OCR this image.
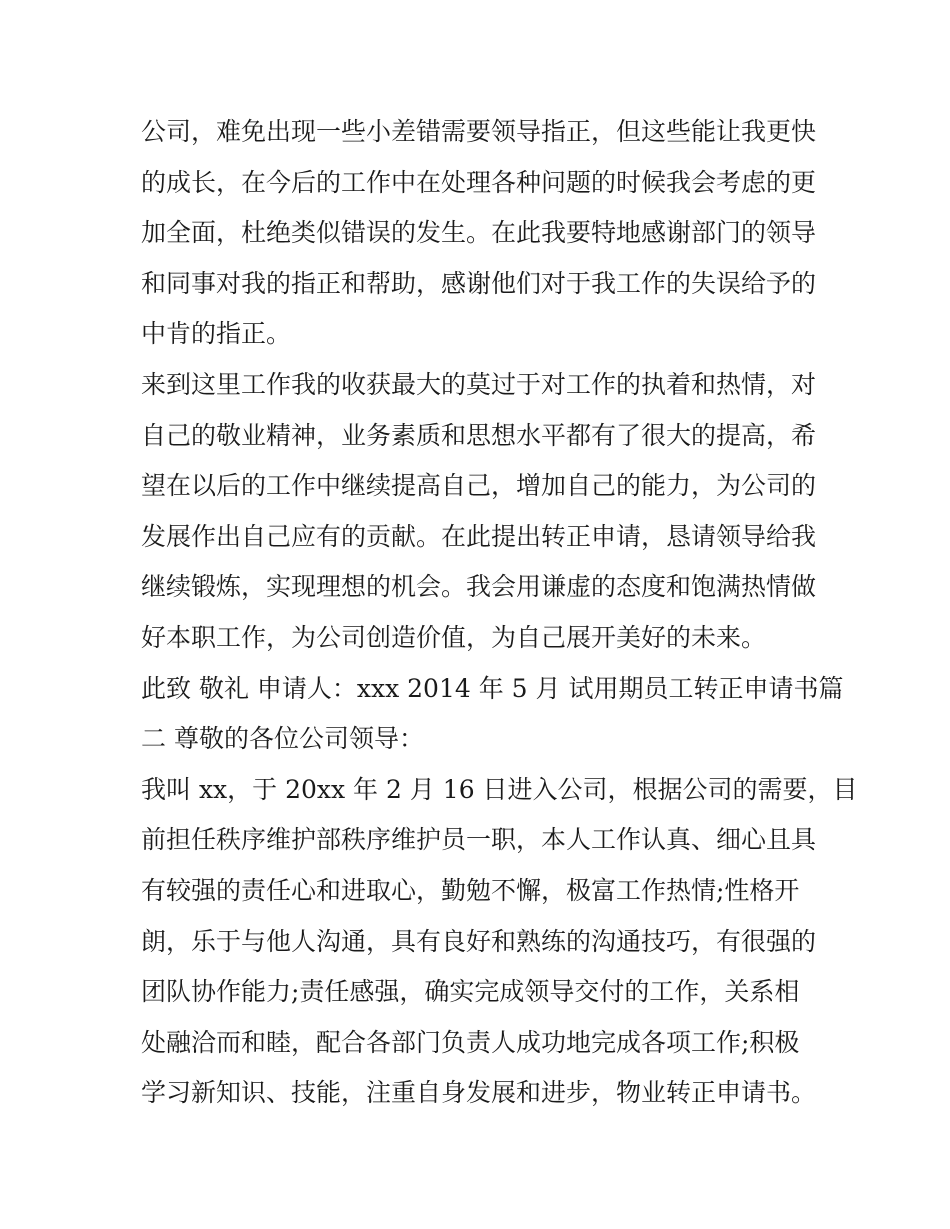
公司，难免出现一些小差错需要领导指正，但这些能让我更快
的成长，在今后的工作中在处理各种问题的时候我会考虑的更
加全面，杜绝类似错误的发生。在此我要特地感谢部门的领导
和同事对我的指正和帮助，感谢他们对于我工作的失误给予的
中肯的指正。
来到这里工作我的收获最大的莫过于对工作的执着和热情，对
自己的敬业精神，业务素质和思想水平都有了很大的提高，希
望在以后的工作中继续提高自己，增加自己的能力，为公司的
发展作出自己应有的贡献。在此提出转正申请，恳请领导给我
继续锻炼，实现理想的机会。我会用谦虚的态度和饱满热情做
好本职工作，为公司创造价值，为自己展开美好的未来。
此致 敬礼 申请人：xxx 2014 年 5 月 试用期员工转正申请书篇
二 尊敬的各位公司领导：
我叫 xx，于 20xx 年 2 月 16 日进入公司，根据公司的需要，目
前担任秩序维护部秩序维护员一职，本人工作认真、细心且具
有较强的责任心和进取心，勤勉不懈，极富工作热情;性格开
朗，乐于与他人沟通，具有良好和熟练的沟通技巧，有很强的
团队协作能力;责任感强，确实完成领导交付的工作，关系相
处融洽而和睦，配合各部门负责人成功地完成各项工作;积极
学习新知识、技能，注重自身发展和进步，物业转正申请书。
